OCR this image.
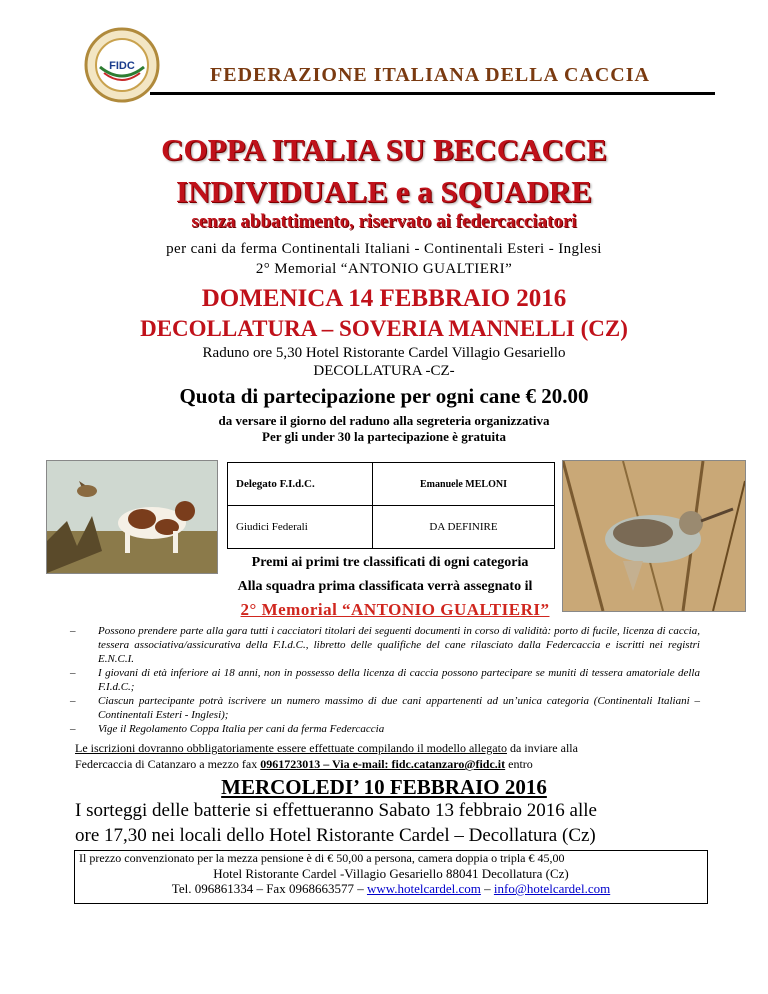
FIDC	FEDERAZIONE ITALIANA DELLA CACCIA
COPPA ITALIA SU BECCACCE
INDIVIDUALE e a SQUADRE
senza abbattimento, riservato ai federcacciatori
per cani da ferma Continentali Italiani - Continentali Esteri - Inglesi
2° Memorial “ANTONIO GUALTIERI”
DOMENICA 14 FEBBRAIO 2016
DECOLLATURA – SOVERIA MANNELLI (CZ)
Raduno ore 5,30 Hotel Ristorante Cardel Villagio Gesariello
DECOLLATURA -CZ-
Quota di partecipazione per ogni cane € 20.00
da versare il giorno del raduno alla segreteria organizzativa
Per gli under 30 la partecipazione è gratuita
Delegato F.I.d.C.	Emanuele MELONI
Giudici Federali	DA DEFINIRE
Premi ai primi tre classificati di ogni categoria
Alla squadra prima classificata verrà assegnato il
2° Memorial “ANTONIO GUALTIERI”
– Possono prendere parte alla gara tutti i cacciatori titolari dei seguenti documenti in corso di validità: porto di fucile, licenza di caccia, tessera associativa/assicurativa della F.I.d.C., libretto delle qualifiche del cane rilasciato dalla Federcaccia e iscritti nei registri E.N.C.I.
– I giovani di età inferiore ai 18 anni, non in possesso della licenza di caccia possono partecipare se muniti di tessera amatoriale della F.I.d.C.;
– Ciascun partecipante potrà iscrivere un numero massimo di due cani appartenenti ad un’unica categoria (Continentali Italiani – Continentali Esteri - Inglesi);
– Vige il Regolamento Coppa Italia per cani da ferma Federcaccia
Le iscrizioni dovranno obbligatoriamente essere effettuate compilando il modello allegato da inviare alla
Federcaccia di Catanzaro a mezzo fax 0961723013 – Via e-mail: fidc.catanzaro@fidc.it entro
MERCOLEDI’ 10 FEBBRAIO 2016
I sorteggi delle batterie si effettueranno Sabato 13 febbraio 2016 alle
ore 17,30 nei locali dello Hotel Ristorante Cardel – Decollatura (Cz)
Il prezzo convenzionato per la mezza pensione è di € 50,00 a persona, camera doppia o tripla € 45,00
Hotel Ristorante Cardel -Villagio Gesariello 88041 Decollatura (Cz)
Tel. 096861334 – Fax 0968663577 – www.hotelcardel.com – info@hotelcardel.com
